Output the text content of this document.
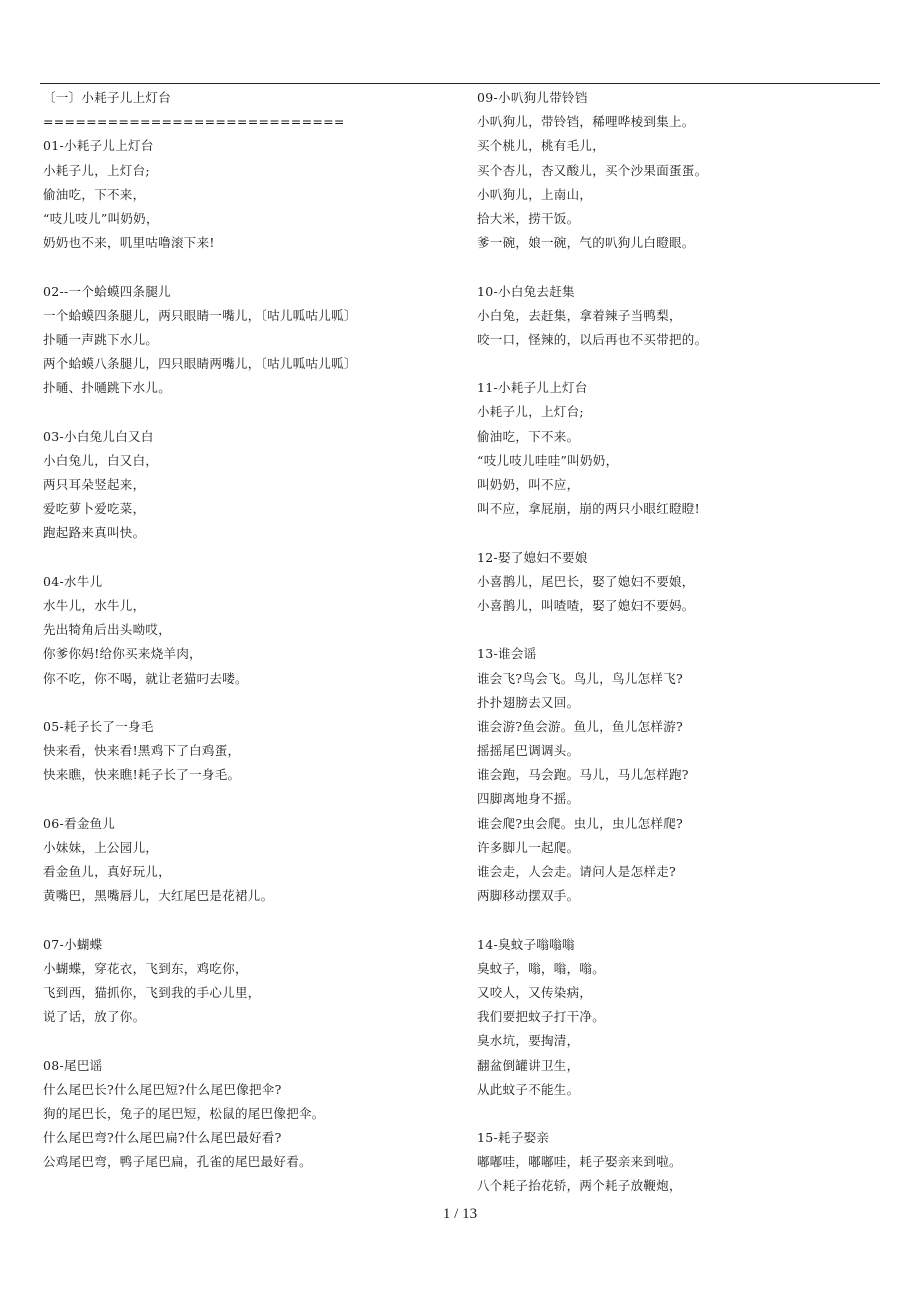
〔一〕小耗子儿上灯台
============================
01-小耗子儿上灯台
小耗子儿，上灯台;
偷油吃，下不来，
“吱儿吱儿”叫奶奶，
奶奶也不来，叽里咕噜滚下来!
02--一个蛤蟆四条腿儿
一个蛤蟆四条腿儿，两只眼睛一嘴儿，〔咕儿呱咕儿呱〕
扑嗵一声跳下水儿。
两个蛤蟆八条腿儿，四只眼睛两嘴儿，〔咕儿呱咕儿呱〕
扑嗵、扑嗵跳下水儿。
03-小白兔儿白又白
小白兔儿，白又白，
两只耳朵竖起来，
爱吃萝卜爱吃菜，
跑起路来真叫快。
04-水牛儿
水牛儿，水牛儿，
先出犄角后出头呦哎，
你爹你妈!给你买来烧羊肉，
你不吃，你不喝，就让老猫叼去喽。
05-耗子长了一身毛
快来看，快来看!黑鸡下了白鸡蛋，
快来瞧，快来瞧!耗子长了一身毛。
06-看金鱼儿
小妹妹，上公园儿，
看金鱼儿，真好玩儿，
黄嘴巴，黑嘴唇儿，大红尾巴是花裙儿。
07-小蝴蝶
小蝴蝶，穿花衣，飞到东，鸡吃你，
飞到西，猫抓你，飞到我的手心儿里，
说了话，放了你。
08-尾巴谣
什么尾巴长?什么尾巴短?什么尾巴像把伞?
狗的尾巴长，兔子的尾巴短，松鼠的尾巴像把伞。
什么尾巴弯?什么尾巴扁?什么尾巴最好看?
公鸡尾巴弯，鸭子尾巴扁，孔雀的尾巴最好看。
09-小叭狗儿带铃铛
小叭狗儿，带铃铛，稀哩哗棱到集上。
买个桃儿，桃有毛儿，
买个杏儿，杏又酸儿，买个沙果面蛋蛋。
小叭狗儿，上南山，
拾大米，捞干饭。
爹一碗，娘一碗，气的叭狗儿白瞪眼。
10-小白兔去赶集
小白兔，去赶集，拿着辣子当鸭梨，
咬一口，怪辣的，以后再也不买带把的。
11-小耗子儿上灯台
小耗子儿，上灯台;
偷油吃，下不来。
“吱儿吱儿哇哇”叫奶奶，
叫奶奶，叫不应，
叫不应，拿屁崩，崩的两只小眼红瞪瞪!
12-娶了媳妇不要娘
小喜鹊儿，尾巴长，娶了媳妇不要娘，
小喜鹊儿，叫喳喳，娶了媳妇不要妈。
13-谁会谣
谁会飞?鸟会飞。鸟儿，鸟儿怎样飞?
扑扑翅膀去又回。
谁会游?鱼会游。鱼儿，鱼儿怎样游?
摇摇尾巴调调头。
谁会跑，马会跑。马儿，马儿怎样跑?
四脚离地身不摇。
谁会爬?虫会爬。虫儿，虫儿怎样爬?
许多脚儿一起爬。
谁会走，人会走。请问人是怎样走?
两脚移动摆双手。
14-臭蚊子嗡嗡嗡
臭蚊子，嗡，嗡，嗡。
又咬人，又传染病，
我们要把蚊子打干净。
臭水坑，要掏清，
翻盆倒罐讲卫生，
从此蚊子不能生。
15-耗子娶亲
嘟嘟哇，嘟嘟哇，耗子娶亲来到啦。
八个耗子抬花轿，两个耗子放鞭炮，
1 / 13
